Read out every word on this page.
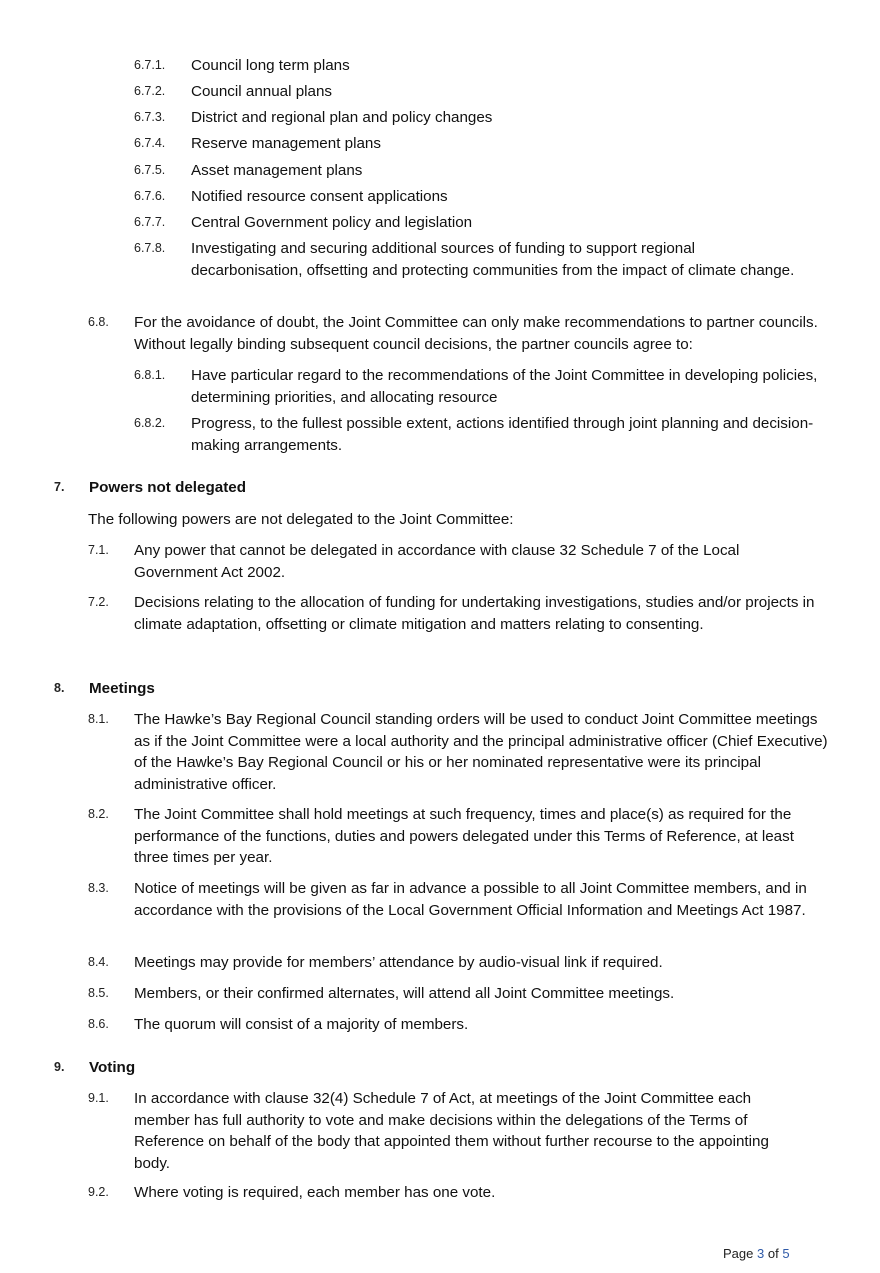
6.7.1.	Council long term plans
6.7.2.	Council annual plans
6.7.3.	District and regional plan and policy changes
6.7.4.	Reserve management plans
6.7.5.	Asset management plans
6.7.6.	Notified resource consent applications
6.7.7.	Central Government policy and legislation
6.7.8.	Investigating and securing additional sources of funding to support regional decarbonisation, offsetting and protecting communities from the impact of climate change.
6.8.	For the avoidance of doubt, the Joint Committee can only make recommendations to partner councils. Without legally binding subsequent council decisions, the partner councils agree to:
6.8.1.	Have particular regard to the recommendations of the Joint Committee in developing policies, determining priorities, and allocating resource
6.8.2.	Progress, to the fullest possible extent, actions identified through joint planning and decision-making arrangements.
7.	Powers not delegated
The following powers are not delegated to the Joint Committee:
7.1.	Any power that cannot be delegated in accordance with clause 32 Schedule 7 of the Local Government Act 2002.
7.2.	Decisions relating to the allocation of funding for undertaking investigations, studies and/or projects in climate adaptation, offsetting or climate mitigation and matters relating to consenting.
8.	Meetings
8.1.	The Hawke’s Bay Regional Council standing orders will be used to conduct Joint Committee meetings as if the Joint Committee were a local authority and the principal administrative officer (Chief Executive) of the Hawke’s Bay Regional Council or his or her nominated representative were its principal administrative officer.
8.2.	The Joint Committee shall hold meetings at such frequency, times and place(s) as required for the performance of the functions, duties and powers delegated under this Terms of Reference, at least three times per year.
8.3.	Notice of meetings will be given as far in advance a possible to all Joint Committee members, and in accordance with the provisions of the Local Government Official Information and Meetings Act 1987.
8.4.	Meetings may provide for members’ attendance by audio-visual link if required.
8.5.	Members, or their confirmed alternates, will attend all Joint Committee meetings.
8.6.	The quorum will consist of a majority of members.
9.	Voting
9.1.	In accordance with clause 32(4) Schedule 7 of Act, at meetings of the Joint Committee each member has full authority to vote and make decisions within the delegations of the Terms of Reference on behalf of the body that appointed them without further recourse to the appointing body.
9.2.	Where voting is required, each member has one vote.
Page 3 of 5
